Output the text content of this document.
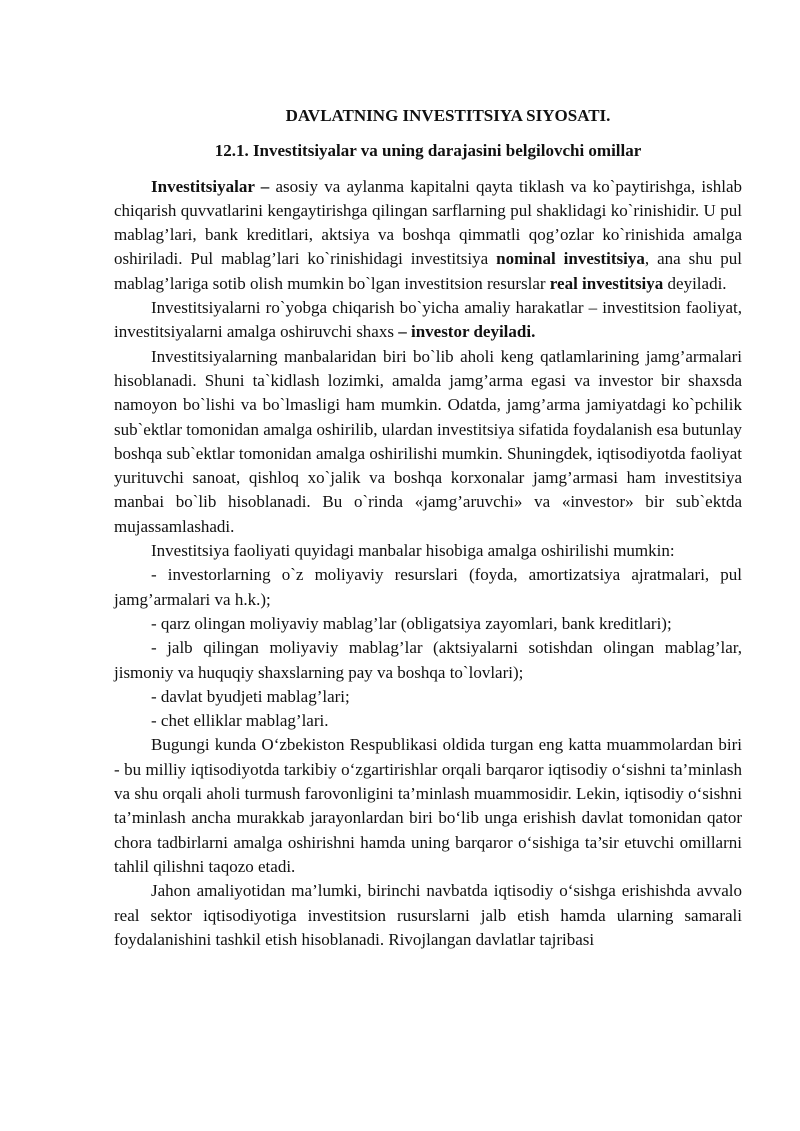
DAVLATNING INVESTITSIYA SIYOSATI.
12.1. Investitsiyalar va uning darajasini belgilovchi omillar

Investitsiyalar – asosiy va aylanma kapitalni qayta tiklash va ko`paytirishga, ishlab chiqarish quvvatlarini kengaytirishga qilingan sarflarning pul shaklidagi ko`rinishidir. U pul mablag’lari, bank kreditlari, aktsiya va boshqa qimmatli qog’ozlar ko`rinishida amalga oshiriladi. Pul mablag’lari ko`rinishidagi investitsiya nominal investitsiya, ana shu pul mablag’lariga sotib olish mumkin bo`lgan investitsion resurslar real investitsiya deyiladi.

Investitsiyalarni ro`yobga chiqarish bo`yicha amaliy harakatlar – investitsion faoliyat, investitsiyalarni amalga oshiruvchi shaxs – investor deyiladi.

Investitsiyalarning manbalaridan biri bo`lib aholi keng qatlamlarining jamg’armalari hisoblanadi. Shuni ta`kidlash lozimki, amalda jamg’arma egasi va investor bir shaxsda namoyon bo`lishi va bo`lmasligi ham mumkin. Odatda, jamg’arma jamiyatdagi ko`pchilik sub`ektlar tomonidan amalga oshirilib, ulardan investitsiya sifatida foydalanish esa butunlay boshqa sub`ektlar tomonidan amalga oshirilishi mumkin. Shuningdek, iqtisodiyotda faoliyat yurituvchi sanoat, qishloq xo`jalik va boshqa korxonalar jamg’armasi ham investitsiya manbai bo`lib hisoblanadi. Bu o`rinda «jamg’aruvchi» va «investor» bir sub`ektda mujassamlashadi.

Investitsiya faoliyati quyidagi manbalar hisobiga amalga oshirilishi mumkin:

- investorlarning o`z moliyaviy resurslari (foyda, amortizatsiya ajratmalari, pul jamg’armalari va h.k.);

- qarz olingan moliyaviy mablag’lar (obligatsiya zayomlari, bank kreditlari);

- jalb qilingan moliyaviy mablag’lar (aktsiyalarni sotishdan olingan mablag’lar, jismoniy va huquqiy shaxslarning pay va boshqa to`lovlari);

- davlat byudjeti mablag’lari;

- chet elliklar mablag’lari.

Bugungi kunda O‘zbekiston Respublikasi oldida turgan eng katta muammolardan biri - bu milliy iqtisodiyotda tarkibiy o‘zgartirishlar orqali barqaror iqtisodiy o‘sishni ta’minlash va shu orqali aholi turmush farovonligini ta’minlash muammosidir. Lekin, iqtisodiy o‘sishni ta’minlash ancha murakkab jarayonlardan biri bo‘lib unga erishish davlat tomonidan qator chora tadbirlarni amalga oshirishni hamda uning barqaror o‘sishiga ta’sir etuvchi omillarni tahlil qilishni taqozo etadi.

Jahon amaliyotidan ma’lumki, birinchi navbatda iqtisodiy o‘sishga erishishda avvalo real sektor iqtisodiyotiga investitsion rusurslarni jalb etish hamda ularning samarali foydalanishini tashkil etish hisoblanadi. Rivojlangan davlatlar tajribasi
